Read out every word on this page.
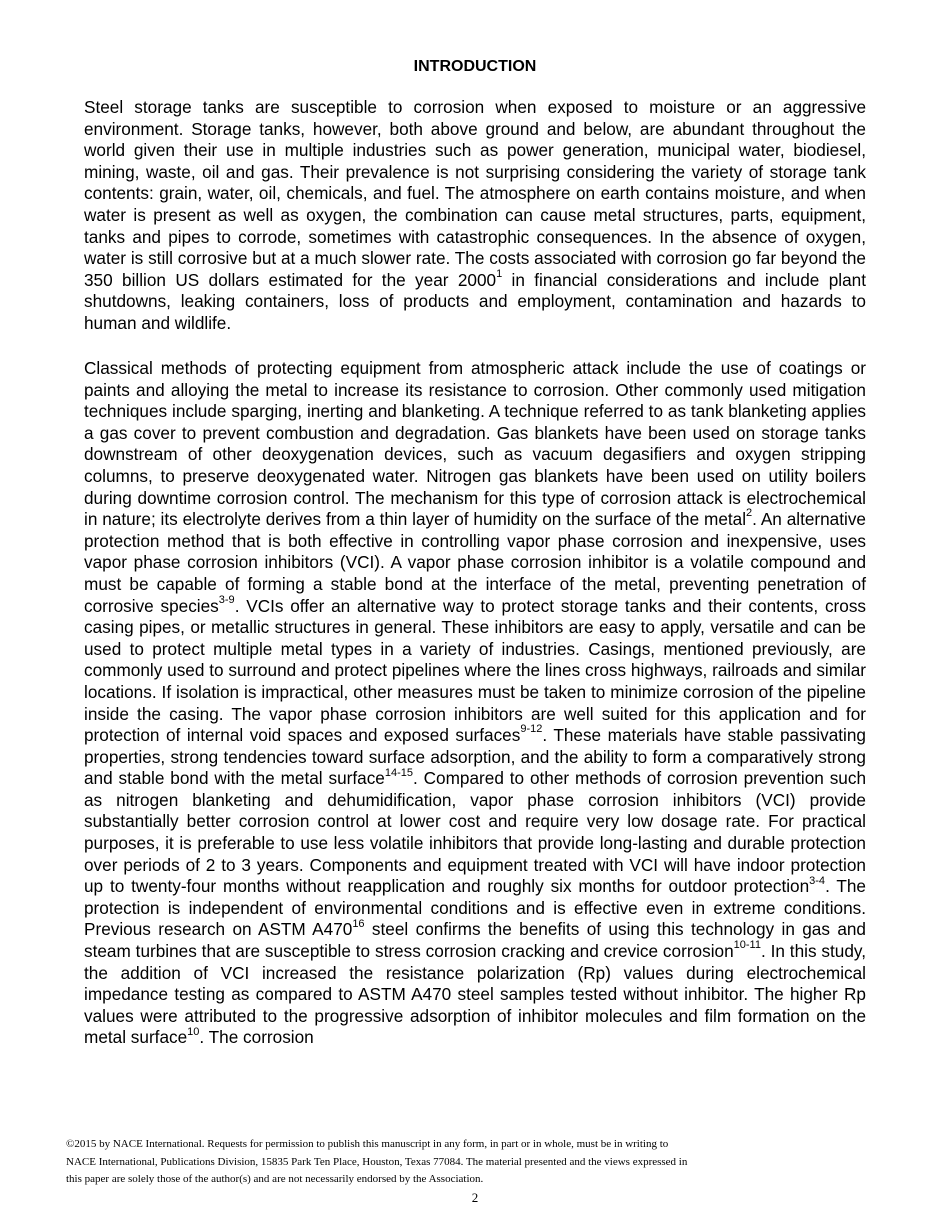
INTRODUCTION

Steel storage tanks are susceptible to corrosion when exposed to moisture or an aggressive environment. Storage tanks, however, both above ground and below, are abundant throughout the world given their use in multiple industries such as power generation, municipal water, biodiesel, mining, waste, oil and gas. Their prevalence is not surprising considering the variety of storage tank contents: grain, water, oil, chemicals, and fuel. The atmosphere on earth contains moisture, and when water is present as well as oxygen, the combination can cause metal structures, parts, equipment, tanks and pipes to corrode, sometimes with catastrophic consequences. In the absence of oxygen, water is still corrosive but at a much slower rate. The costs associated with corrosion go far beyond the 350 billion US dollars estimated for the year 2000$^1$ in financial considerations and include plant shutdowns, leaking containers, loss of products and employment, contamination and hazards to human and wildlife.

Classical methods of protecting equipment from atmospheric attack include the use of coatings or paints and alloying the metal to increase its resistance to corrosion. Other commonly used mitigation techniques include sparging, inerting and blanketing. A technique referred to as tank blanketing applies a gas cover to prevent combustion and degradation. Gas blankets have been used on storage tanks downstream of other deoxygenation devices, such as vacuum degasifiers and oxygen stripping columns, to preserve deoxygenated water. Nitrogen gas blankets have been used on utility boilers during downtime corrosion control. The mechanism for this type of corrosion attack is electrochemical in nature; its electrolyte derives from a thin layer of humidity on the surface of the metal$^2$. An alternative protection method that is both effective in controlling vapor phase corrosion and inexpensive, uses vapor phase corrosion inhibitors (VCI). A vapor phase corrosion inhibitor is a volatile compound and must be capable of forming a stable bond at the interface of the metal, preventing penetration of corrosive species$^{3-9}$. VCIs offer an alternative way to protect storage tanks and their contents, cross casing pipes, or metallic structures in general. These inhibitors are easy to apply, versatile and can be used to protect multiple metal types in a variety of industries. Casings, mentioned previously, are commonly used to surround and protect pipelines where the lines cross highways, railroads and similar locations. If isolation is impractical, other measures must be taken to minimize corrosion of the pipeline inside the casing. The vapor phase corrosion inhibitors are well suited for this application and for protection of internal void spaces and exposed surfaces$^{9-12}$. These materials have stable passivating properties, strong tendencies toward surface adsorption, and the ability to form a comparatively strong and stable bond with the metal surface$^{14-15}$. Compared to other methods of corrosion prevention such as nitrogen blanketing and dehumidification, vapor phase corrosion inhibitors (VCI) provide substantially better corrosion control at lower cost and require very low dosage rate. For practical purposes, it is preferable to use less volatile inhibitors that provide long-lasting and durable protection over periods of 2 to 3 years. Components and equipment treated with VCI will have indoor protection up to twenty-four months without reapplication and roughly six months for outdoor protection$^{3-4}$. The protection is independent of environmental conditions and is effective even in extreme conditions. Previous research on ASTM $A470^{16}$ steel confirms the benefits of using this technology in gas and steam turbines that are susceptible to stress corrosion cracking and crevice corrosion$^{10-11}$. In this study, the addition of VCI increased the resistance polarization (Rp) values during electrochemical impedance testing as compared to ASTM A470 steel samples tested without inhibitor. The higher Rp values were attributed to the progressive adsorption of inhibitor molecules and film formation on the metal surface$^{10}$. The corrosion

©2015 by NACE International. Requests for permission to publish this manuscript in any form, in part or in whole, must be in writing to
NACE International, Publications Division, 15835 Park Ten Place, Houston, Texas 77084. The material presented and the views expressed in
this paper are solely those of the author(s) and are not necessarily endorsed by the Association.
2
